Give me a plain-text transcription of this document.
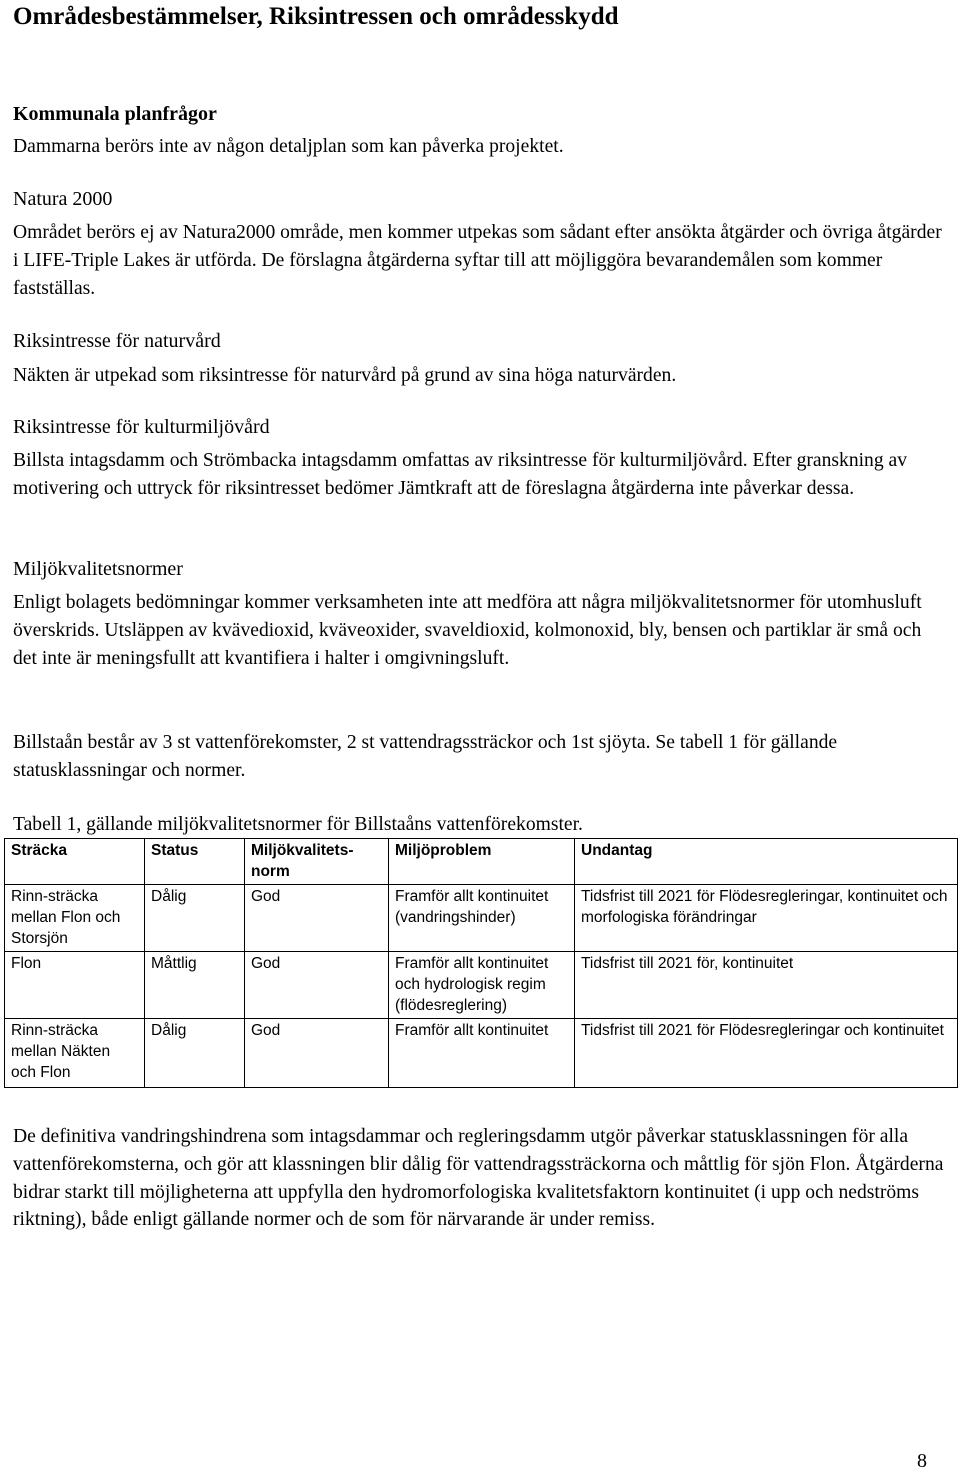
Områdesbestämmelser, Riksintressen och områdesskydd
Kommunala planfrågor
Dammarna berörs inte av någon detaljplan som kan påverka projektet.
Natura 2000
Området berörs ej av Natura2000 område, men kommer utpekas som sådant efter ansökta åtgärder och övriga åtgärder i LIFE-Triple Lakes är utförda. De förslagna åtgärderna syftar till att möjliggöra bevarandemålen som kommer fastställas.
Riksintresse för naturvård
Näkten är utpekad som riksintresse för naturvård på grund av sina höga naturvärden.
Riksintresse för kulturmiljövård
Billsta intagsdamm och Strömbacka intagsdamm omfattas av riksintresse för kulturmiljövård. Efter granskning av motivering och uttryck för riksintresset bedömer Jämtkraft att de föreslagna åtgärderna inte påverkar dessa.
Miljökvalitetsnormer
Enligt bolagets bedömningar kommer verksamheten inte att medföra att några miljökvalitetsnormer för utomhusluft överskrids. Utsläppen av kvävedioxid, kväveoxider, svaveldioxid, kolmonoxid, bly, bensen och partiklar är små och det inte är meningsfullt att kvantifiera i halter i omgivningsluft.
Billstaån består av 3 st vattenförekomster, 2 st vattendragssträckor och 1st sjöyta. Se tabell 1 för gällande statusklassningar och normer.
Tabell 1, gällande miljökvalitetsnormer för Billstaåns vattenförekomster.
Sträcka	Status	Miljökvalitets-norm	Miljöproblem	Undantag
Rinn-sträcka mellan Flon och Storsjön	Dålig	God	Framför allt kontinuitet (vandringshinder)	Tidsfrist till 2021 för Flödesregleringar, kontinuitet och morfologiska förändringar
Flon	Måttlig	God	Framför allt kontinuitet och hydrologisk regim (flödesreglering)	Tidsfrist till 2021 för, kontinuitet
Rinn-sträcka mellan Näkten och Flon	Dålig	God	Framför allt kontinuitet	Tidsfrist till 2021 för Flödesregleringar och kontinuitet
De definitiva vandringshindrena som intagsdammar och regleringsdamm utgör påverkar statusklassningen för alla vattenförekomsterna, och gör att klassningen blir dålig för vattendragssträckorna och måttlig för sjön Flon. Åtgärderna bidrar starkt till möjligheterna att uppfylla den hydromorfologiska kvalitetsfaktorn kontinuitet (i upp och nedströms riktning), både enligt gällande normer och de som för närvarande är under remiss.
8
